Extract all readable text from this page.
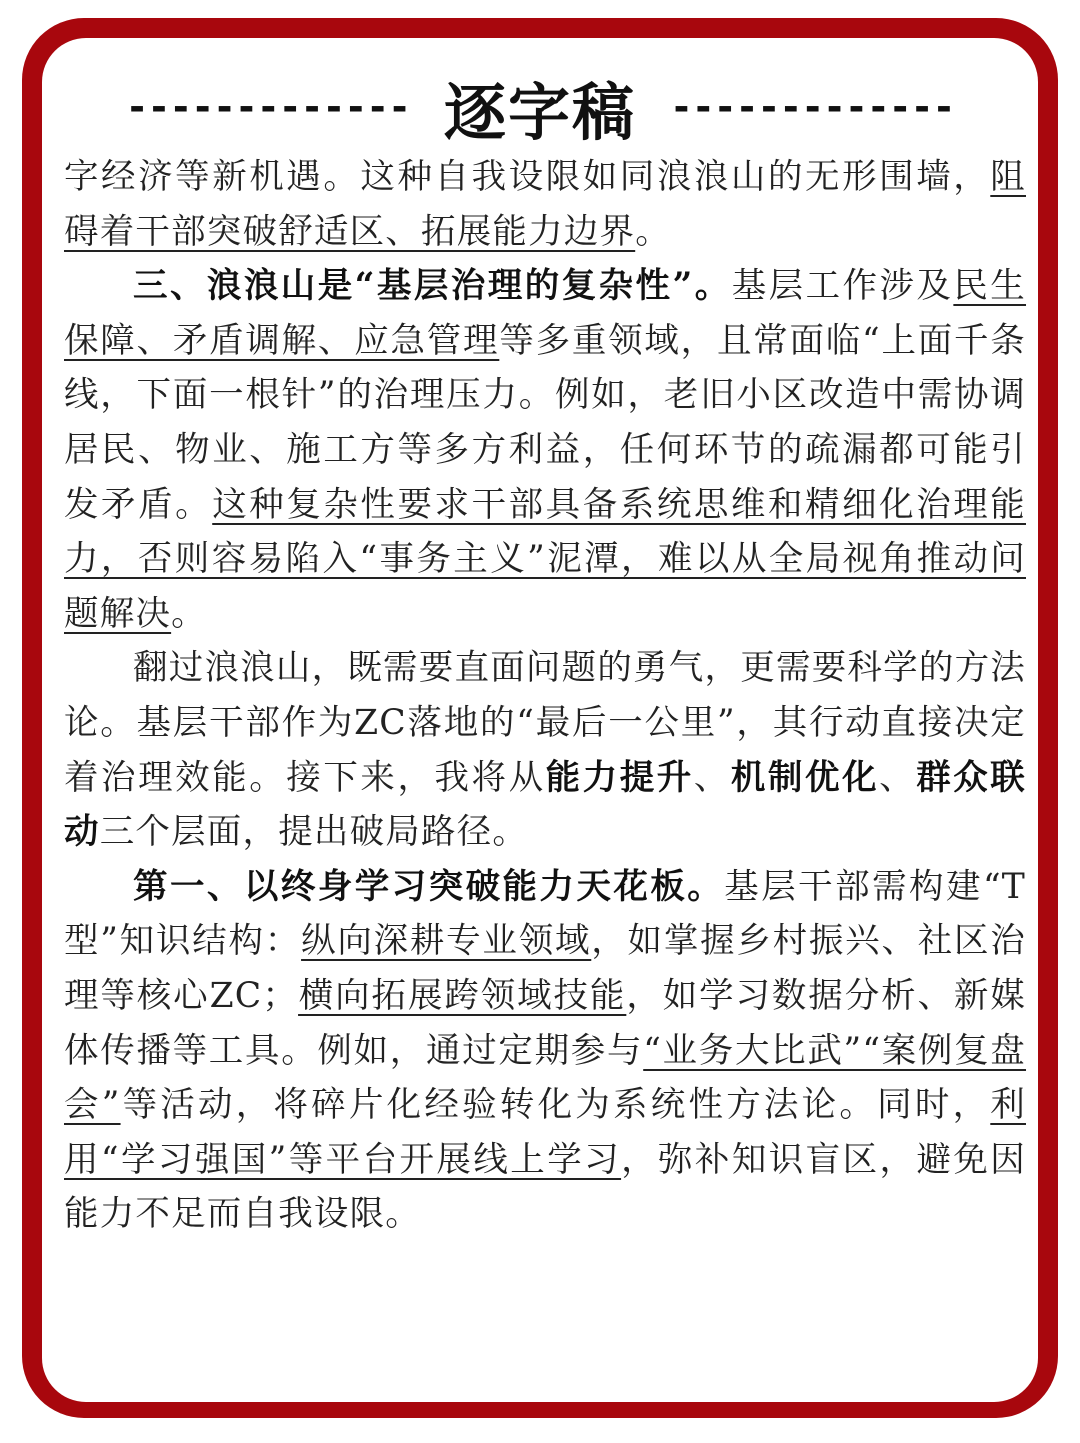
------------- 逐字稿 -------------

字经济等新机遇。这种自我设限如同浪浪山的无形围墙，阻碍着干部突破舒适区、拓展能力边界。

三、浪浪山是“基层治理的复杂性”。基层工作涉及民生保障、矛盾调解、应急管理等多重领域，且常面临“上面千条线，下面一根针”的治理压力。例如，老旧小区改造中需协调居民、物业、施工方等多方利益，任何环节的疏漏都可能引发矛盾。这种复杂性要求干部具备系统思维和精细化治理能力，否则容易陷入“事务主义”泥潭，难以从全局视角推动问题解决。

翻过浪浪山，既需要直面问题的勇气，更需要科学的方法论。基层干部作为ZC落地的“最后一公里”，其行动直接决定着治理效能。接下来，我将从能力提升、机制优化、群众联动三个层面，提出破局路径。

第一、以终身学习突破能力天花板。基层干部需构建“T型”知识结构：纵向深耕专业领域，如掌握乡村振兴、社区治理等核心ZC；横向拓展跨领域技能，如学习数据分析、新媒体传播等工具。例如，通过定期参与“业务大比武”“案例复盘会”等活动，将碎片化经验转化为系统性方法论。同时，利用“学习强国”等平台开展线上学习，弥补知识盲区，避免因能力不足而自我设限。
